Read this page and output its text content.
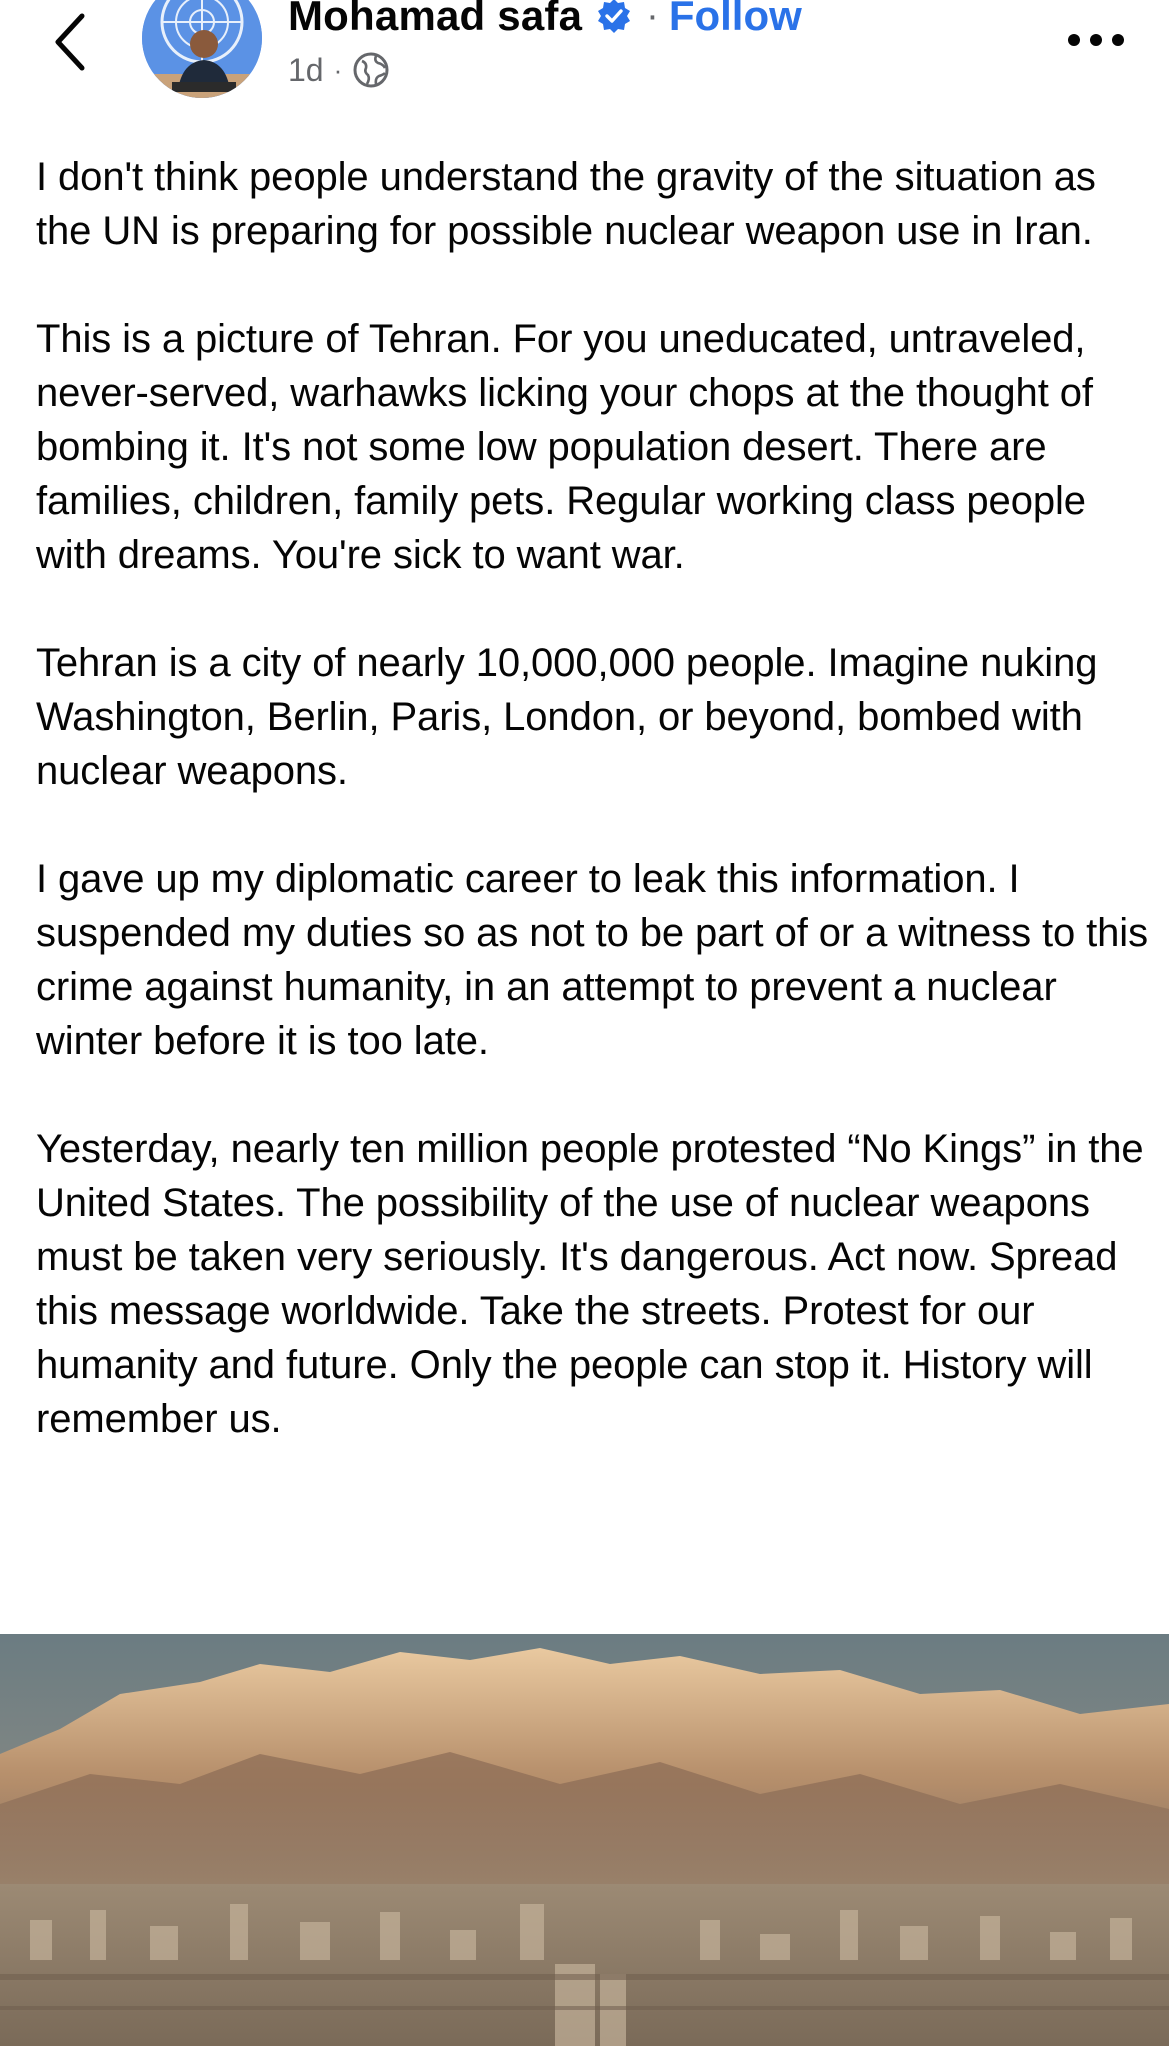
Mohamad safa · Follow
1d ·

I don't think people understand the gravity of the situation as the UN is preparing for possible nuclear weapon use in Iran.

This is a picture of Tehran. For you uneducated, untraveled, never-served, warhawks licking your chops at the thought of bombing it. It's not some low population desert. There are families, children, family pets. Regular working class people with dreams. You're sick to want war.

Tehran is a city of nearly 10,000,000 people. Imagine nuking Washington, Berlin, Paris, London, or beyond, bombed with nuclear weapons.

I gave up my diplomatic career to leak this information. I suspended my duties so as not to be part of or a witness to this crime against humanity, in an attempt to prevent a nuclear winter before it is too late.

Yesterday, nearly ten million people protested “No Kings” in the United States. The possibility of the use of nuclear weapons must be taken very seriously. It's dangerous. Act now. Spread this message worldwide. Take the streets. Protest for our humanity and future. Only the people can stop it. History will remember us.
